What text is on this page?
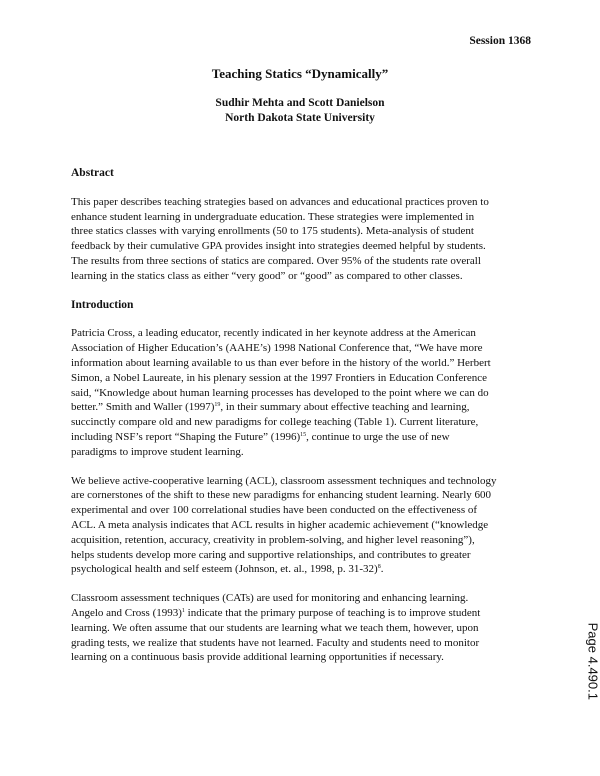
Session 1368
Teaching Statics “Dynamically”
Sudhir Mehta and Scott Danielson
North Dakota State University
Abstract
This paper describes teaching strategies based on advances and educational practices proven to
enhance student learning in undergraduate education. These strategies were implemented in
three statics classes with varying enrollments (50 to 175 students). Meta-analysis of student
feedback by their cumulative GPA provides insight into strategies deemed helpful by students.
The results from three sections of statics are compared. Over 95% of the students rate overall
learning in the statics class as either “very good” or “good” as compared to other classes.
Introduction
Patricia Cross, a leading educator, recently indicated in her keynote address at the American
Association of Higher Education’s (AAHE’s) 1998 National Conference that, “We have more
information about learning available to us than ever before in the history of the world.” Herbert
Simon, a Nobel Laureate, in his plenary session at the 1997 Frontiers in Education Conference
said, “Knowledge about human learning processes has developed to the point where we can do
better.” Smith and Waller $(1997)^{19}$, in their summary about effective teaching and learning,
succinctly compare old and new paradigms for college teaching (Table 1). Current literature,
including NSF’s report “Shaping the Future” $(1996)^{15}$, continue to urge the use of new
paradigms to improve student learning.
We believe active-cooperative learning (ACL), classroom assessment techniques and technology
are cornerstones of the shift to these new paradigms for enhancing student learning. Nearly 600
experimental and over 100 correlational studies have been conducted on the effectiveness of
ACL. A meta analysis indicates that ACL results in higher academic achievement (“knowledge
acquisition, retention, accuracy, creativity in problem-solving, and higher level reasoning”),
helps students develop more caring and supportive relationships, and contributes to greater
psychological health and self esteem (Johnson, et. al., 1998, p. 31-32)$^8$.
Classroom assessment techniques (CATs) are used for monitoring and enhancing learning.
Angelo and Cross $(1993)^1$ indicate that the primary purpose of teaching is to improve student
learning. We often assume that our students are learning what we teach them, however, upon
grading tests, we realize that students have not learned. Faculty and students need to monitor
learning on a continuous basis provide additional learning opportunities if necessary.	Page 4.490.1
